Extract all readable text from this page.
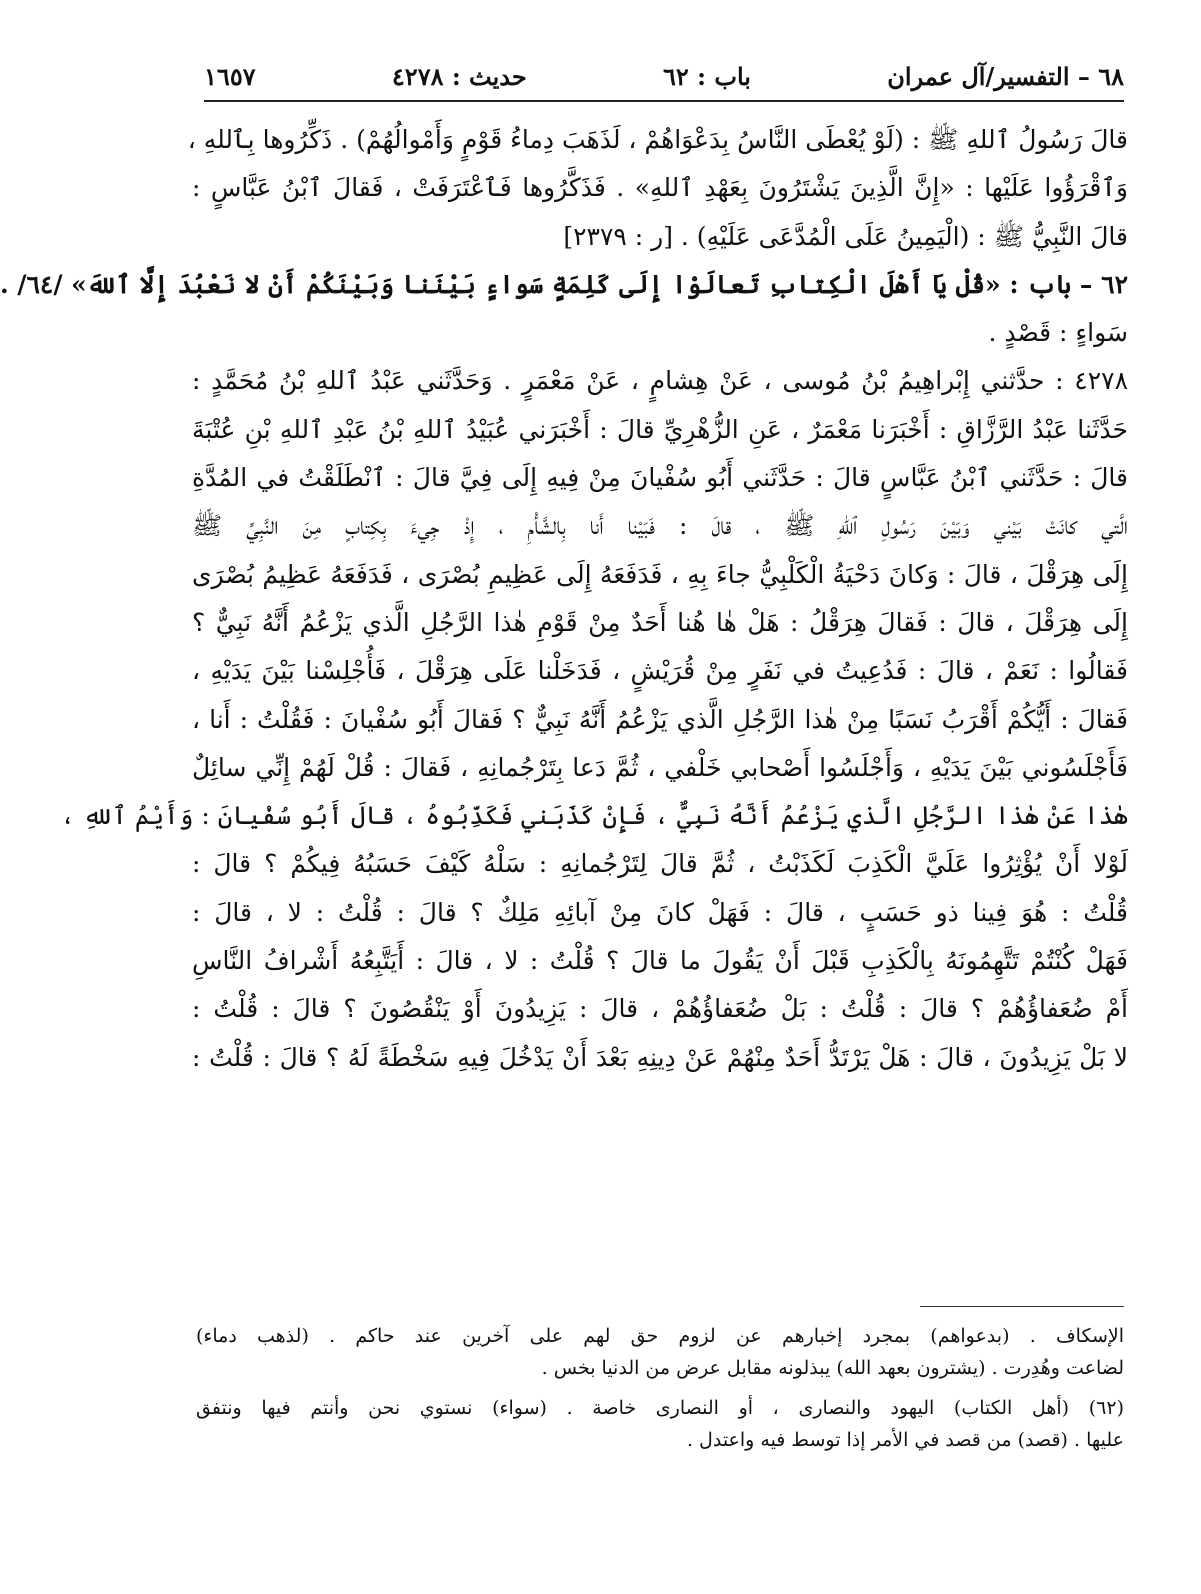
٦٨ – التفسير/آل عمران
باب : ٦٢
حديث : ٤٢٧٨
١٦٥٧
قالَ رَسُولُ ٱللهِ ﷺ : (لَوْ يُعْطَى النَّاسُ بِدَعْوَاهُمْ ، لَذَهَبَ دِماءُ قَوْمٍ وَأَمْوالُهُمْ) . ذَكِّرُوها بِٱللهِ ،
وَٱقْرَؤُوا عَلَيْها : «إِنَّ الَّذِينَ يَشْتَرُونَ بِعَهْدِ ٱللهِ» . فَذَكَّرُوها فَٱعْتَرَفَتْ ، فَقالَ ٱبْنُ عَبَّاسٍ :
قالَ النَّبِيُّ ﷺ : (الْيَمِينُ عَلَى الْمُدَّعَى عَلَيْهِ) . [ر : ٢٣٧٩]
٦٢ – باب : «قُلْ يَا أَهْلَ الْكِتابِ تَعالَوْا إِلَى كَلِمَةٍ سَواءٍ بَيْنَنا وَبَيْنَكُمْ أَنْ لا نَعْبُدَ إِلَّا ٱللهَ» /٦٤/ .
سَواءٍ : قَصْدٍ .
٤٢٧٨ : حدَّثني إِبْراهِيمُ بْنُ مُوسى ، عَنْ هِشامٍ ، عَنْ مَعْمَرٍ . وَحَدَّثَني عَبْدُ ٱللهِ بْنُ مُحَمَّدٍ :
حَدَّثَنا عَبْدُ الرَّزَّاقِ : أَخْبَرَنا مَعْمَرٌ ، عَنِ الزُّهْرِيِّ قالَ : أَخْبَرَني عُبَيْدُ ٱللهِ بْنُ عَبْدِ ٱللهِ بْنِ عُتْبَةَ
قالَ : حَدَّثَني ٱبْنُ عَبَّاسٍ قالَ : حَدَّثَني أَبُو سُفْيانَ مِنْ فِيهِ إِلَى فِيَّ قالَ : ٱنْطَلَقْتُ في المُدَّةِ
الَّتي كانَتْ بَيْني وَبَيْنَ رَسُولِ ٱللهِ ﷺ ، قالَ : فَبَيْنا أَنا بِالشَّأْمِ ، إِذْ جِيءَ بِكِتابٍ مِنَ النَّبِيِّ ﷺ
إِلَى هِرَقْلَ ، قالَ : وَكانَ دَحْيَةُ الْكَلْبِيُّ جاءَ بِهِ ، فَدَفَعَهُ إِلَى عَظِيمِ بُصْرَى ، فَدَفَعَهُ عَظِيمُ بُصْرَى
إِلَى هِرَقْلَ ، قالَ : فَقالَ هِرَقْلُ : هَلْ هٰا هُنا أَحَدٌ مِنْ قَوْمِ هٰذا الرَّجُلِ الَّذي يَزْعُمُ أَنَّهُ نَبِيٌّ ؟
فَقالُوا : نَعَمْ ، قالَ : فَدُعِيتُ في نَفَرٍ مِنْ قُرَيْشٍ ، فَدَخَلْنا عَلَى هِرَقْلَ ، فَأُجْلِسْنا بَيْنَ يَدَيْهِ ،
فَقالَ : أَيُّكُمْ أَقْرَبُ نَسَبًا مِنْ هٰذا الرَّجُلِ الَّذي يَزْعُمُ أَنَّهُ نَبِيٌّ ؟ فَقالَ أَبُو سُفْيانَ : فَقُلْتُ : أَنا ،
فَأَجْلَسُوني بَيْنَ يَدَيْهِ ، وَأَجْلَسُوا أَصْحابي خَلْفي ، ثُمَّ دَعا بِتَرْجُمانِهِ ، فَقالَ : قُلْ لَهُمْ إِنِّي سائِلٌ
هٰذا عَنْ هٰذا الرَّجُلِ الَّذي يَزْعُمُ أَنَّهُ نَبِيٌّ ، فَإِنْ كَذَبَني فَكَذِّبُوهُ ، قالَ أَبُو سُفْيانَ : وَأَيْمُ ٱللهِ ،
لَوْلا أَنْ يُؤْثِرُوا عَلَيَّ الْكَذِبَ لَكَذَبْتُ ، ثُمَّ قالَ لِتَرْجُمانِهِ : سَلْهُ كَيْفَ حَسَبُهُ فِيكُمْ ؟ قالَ :
قُلْتُ : هُوَ فِينا ذو حَسَبٍ ، قالَ : فَهَلْ كانَ مِنْ آبائِهِ مَلِكٌ ؟ قالَ : قُلْتُ : لا ، قالَ :
فَهَلْ كُنْتُمْ تَتَّهِمُونَهُ بِالْكَذِبِ قَبْلَ أَنْ يَقُولَ ما قالَ ؟ قُلْتُ : لا ، قالَ : أَيَتَّبِعُهُ أَشْرافُ النَّاسِ
أَمْ ضُعَفاؤُهُمْ ؟ قالَ : قُلْتُ : بَلْ ضُعَفاؤُهُمْ ، قالَ : يَزِيدُونَ أَوْ يَنْقُصُونَ ؟ قالَ : قُلْتُ :
لا بَلْ يَزِيدُونَ ، قالَ : هَلْ يَرْتَدُّ أَحَدٌ مِنْهُمْ عَنْ دِينِهِ بَعْدَ أَنْ يَدْخُلَ فِيهِ سَخْطَةً لَهُ ؟ قالَ : قُلْتُ :
الإسكاف . (بدعواهم) بمجرد إخبارهم عن لزوم حق لهم على آخرين عند حاكم . (لذهب دماء)
لضاعت وهُدِرت . (يشترون بعهد الله) يبذلونه مقابل عرض من الدنيا بخس .
(٦٢) (أهل الكتاب) اليهود والنصارى ، أو النصارى خاصة . (سواء) نستوي نحن وأنتم فيها ونتفق
عليها . (قصد) من قصد في الأمر إذا توسط فيه واعتدل .
